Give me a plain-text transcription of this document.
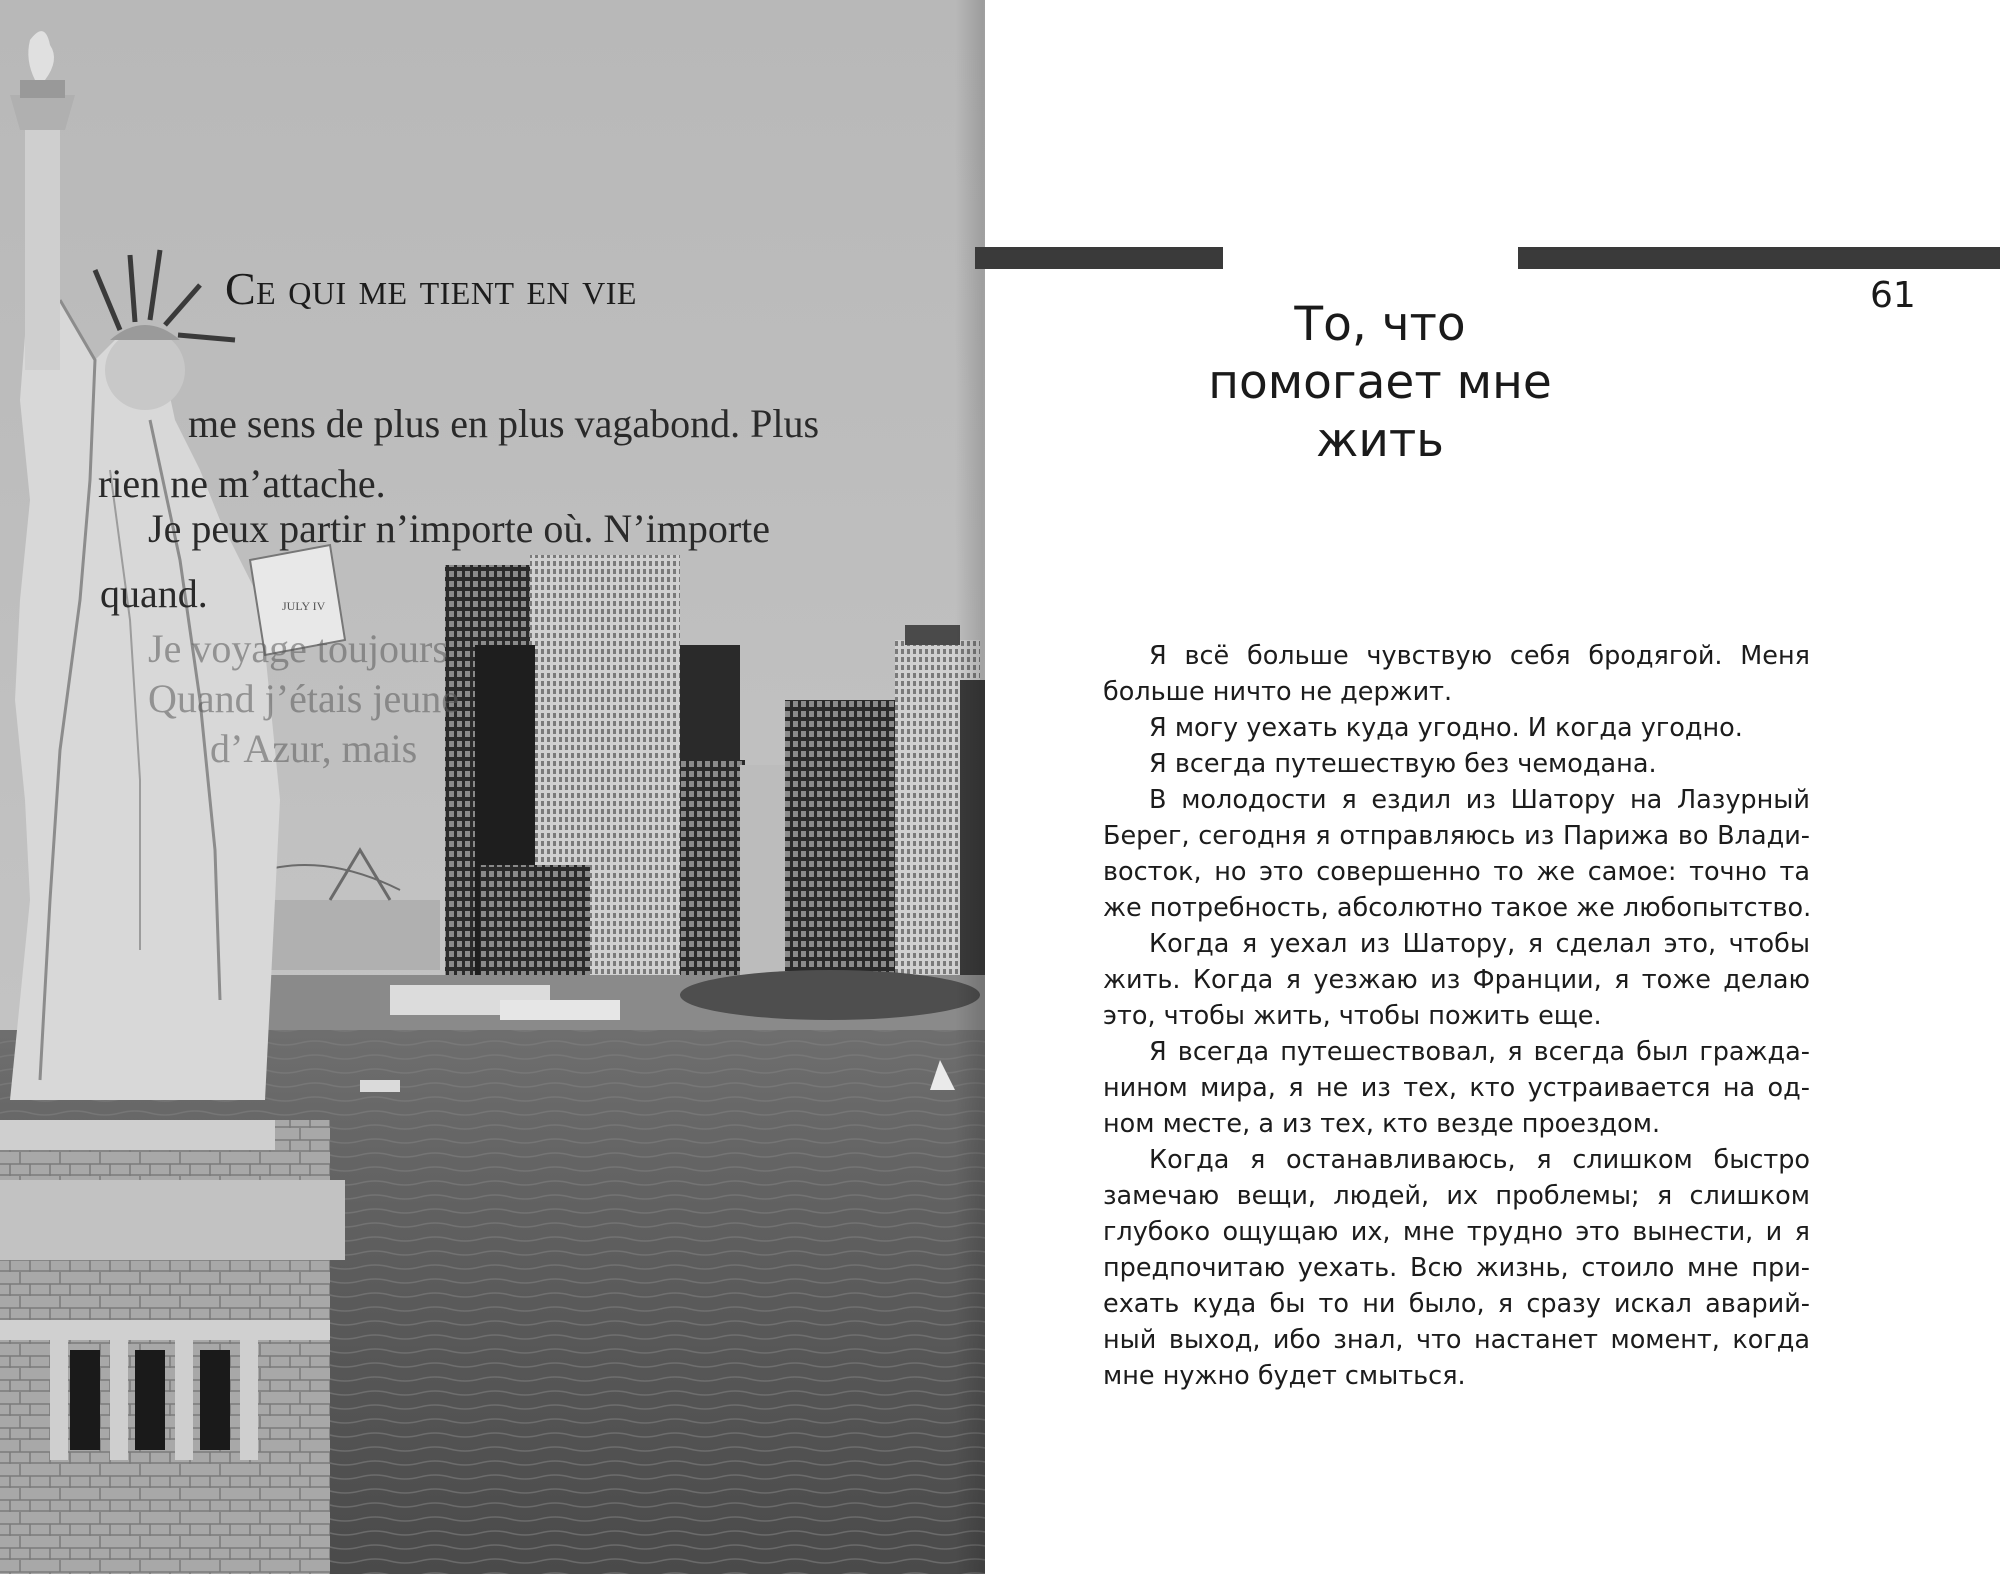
JULY IV
Ce qui me tient en vie
me sens de plus en plus vagabond. Plus
rien ne m’attache.
Je peux partir n’importe où. N’importe
quand.
Je voyage toujours
Quand j’étais jeune
d’Azur, mais
То, что
помогает мне
жить
61
Я всё больше чувствую себя бродягой. Меня
больше ничто не держит.
Я могу уехать куда угодно. И когда угодно.
Я всегда путешествую без чемодана.
В молодости я ездил из Шатору на Лазурный
Берег, сегодня я отправляюсь из Парижа во Влади-
восток, но это совершенно то же самое: точно та
же потребность, абсолютно такое же любопытство.
Когда я уехал из Шатору, я сделал это, чтобы
жить. Когда я уезжаю из Франции, я тоже делаю
это, чтобы жить, чтобы пожить еще.
Я всегда путешествовал, я всегда был гражда-
нином мира, я не из тех, кто устраивается на од-
ном месте, а из тех, кто везде проездом.
Когда я останавливаюсь, я слишком быстро
замечаю вещи, людей, их проблемы; я слишком
глубоко ощущаю их, мне трудно это вынести, и я
предпочитаю уехать. Всю жизнь, стоило мне при-
ехать куда бы то ни было, я сразу искал аварий-
ный выход, ибо знал, что настанет момент, когда
мне нужно будет смыться.
